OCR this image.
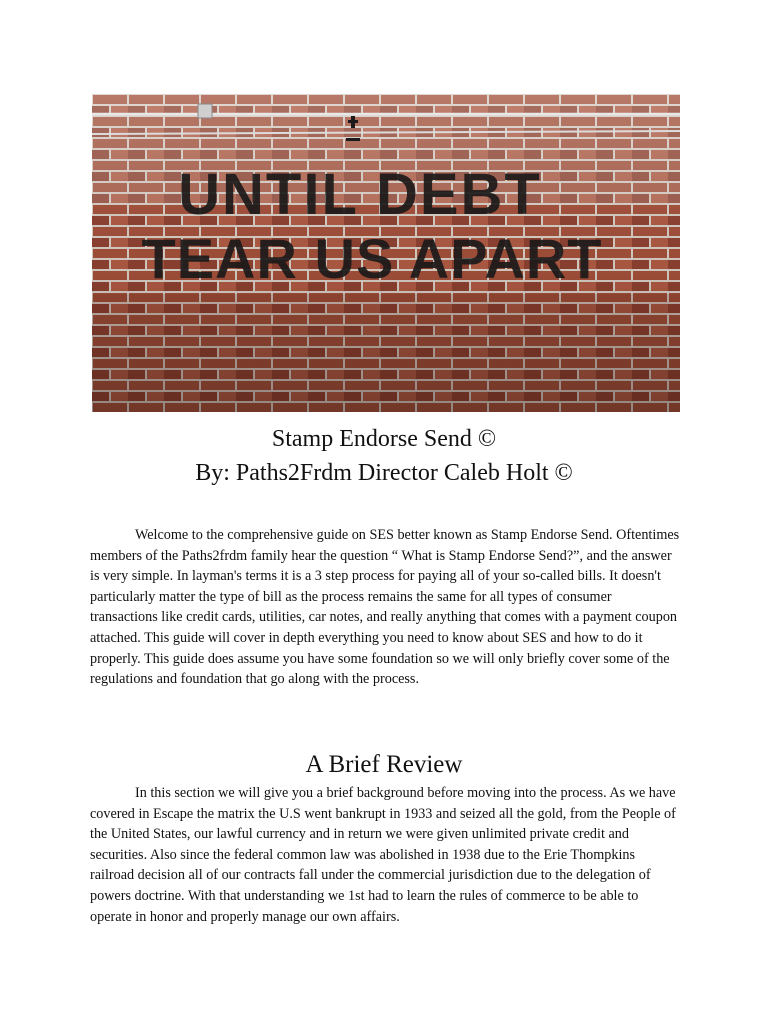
UNTIL DEBT
TEAR US APART

Stamp Endorse Send ©

By: Paths2Frdm Director Caleb Holt ©

Welcome to the comprehensive guide on SES better known as Stamp Endorse Send. Oftentimes members of the Paths2frdm family hear the question “ What is Stamp Endorse Send?”, and the answer is very simple. In layman's terms it is a 3 step process for paying all of your so-called bills. It doesn't particularly matter the type of bill as the process remains the same for all types of consumer transactions like credit cards, utilities, car notes, and really anything that comes with a payment coupon attached. This guide will cover in depth everything you need to know about SES and how to do it properly. This guide does assume you have some foundation so we will only briefly cover some of the regulations and foundation that go along with the process.

A Brief Review

In this section we will give you a brief background before moving into the process. As we have covered in Escape the matrix the U.S went bankrupt in 1933 and seized all the gold, from the People of the United States, our lawful currency and in return we were given unlimited private credit and securities. Also since the federal common law was abolished in 1938 due to the Erie Thompkins railroad decision all of our contracts fall under the commercial jurisdiction due to the delegation of powers doctrine. With that understanding we 1st had to learn the rules of commerce to be able to operate in honor and properly manage our own affairs.
